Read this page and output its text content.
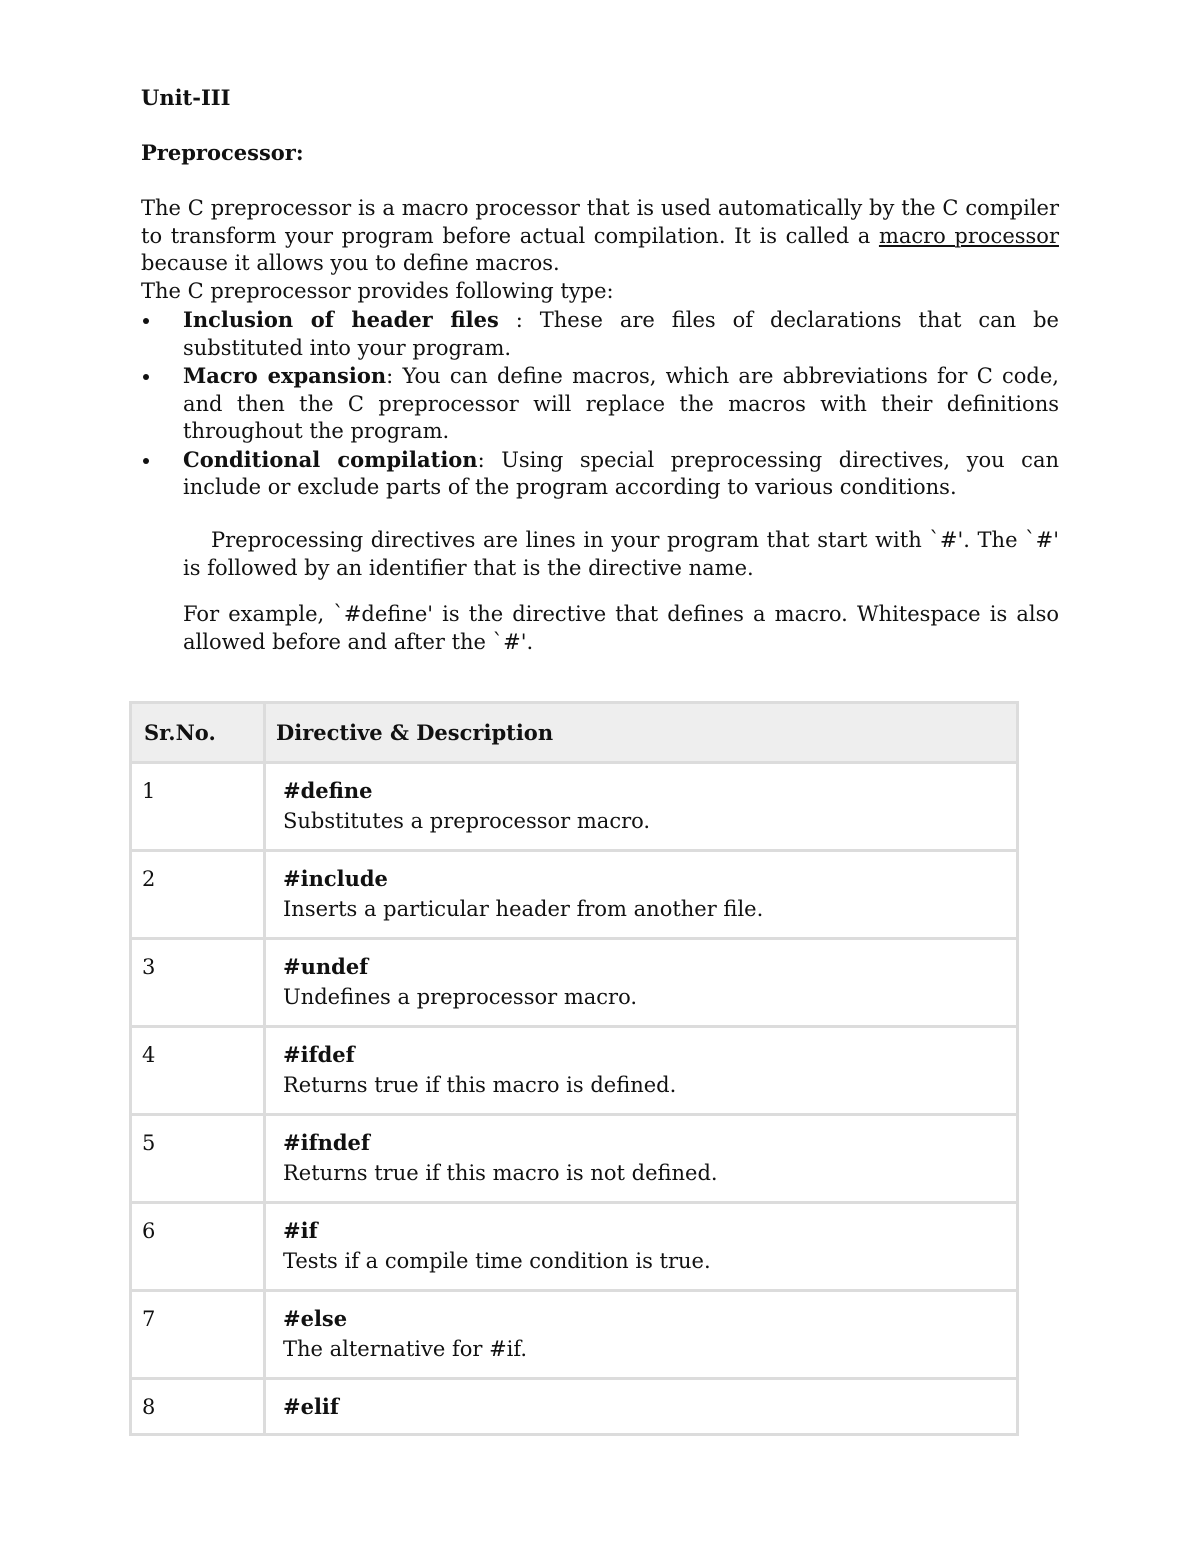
Unit-III

Preprocessor:

The C preprocessor is a macro processor that is used automatically by the C compiler to transform your program before actual compilation. It is called a macro processor because it allows you to define macros.

The C preprocessor provides following type:

Inclusion of header files : These are files of declarations that can be substituted into your program.
Macro expansion: You can define macros, which are abbreviations for C code, and then the C preprocessor will replace the macros with their definitions throughout the program.
Conditional compilation: Using special preprocessing directives, you can include or exclude parts of the program according to various conditions.

Preprocessing directives are lines in your program that start with `#'. The `#' is followed by an identifier that is the directive name.

For example, `#define' is the directive that defines a macro. Whitespace is also allowed before and after the `#'.

Sr.No.	Directive & Description
1	#define
Substitutes a preprocessor macro.

2	#include
Inserts a particular header from another file.

3	#undef
Undefines a preprocessor macro.

4	#ifdef
Returns true if this macro is defined.

5	#ifndef
Returns true if this macro is not defined.

6	#if
Tests if a compile time condition is true.

7	#else
The alternative for #if.

8	#elif
